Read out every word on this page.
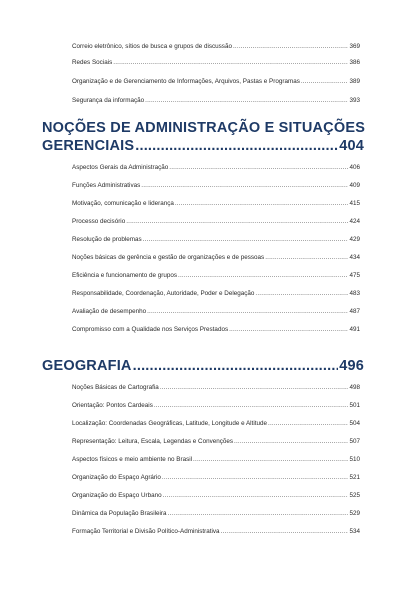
Correio eletrônico, sítios de busca e grupos de discussão .....	369
Redes Sociais .....	386
Organização e de Gerenciamento de Informações, Arquivos, Pastas e Programas .....	389
Segurança da informação .....	393
NOÇÕES DE ADMINISTRAÇÃO E SITUAÇÕES
GERENCIAIS .....	404
Aspectos Gerais da Administração .....	406
Funções Administrativas .....	409
Motivação, comunicação e liderança .....	415
Processo decisório .....	424
Resolução de problemas .....	429
Noções básicas de gerência e gestão de organizações e de pessoas .....	434
Eficiência e funcionamento de grupos .....	475
Responsabilidade, Coordenação, Autoridade, Poder e Delegação .....	483
Avaliação de desempenho .....	487
Compromisso com a Qualidade nos Serviços Prestados .....	491
GEOGRAFIA .....	496
Noções Básicas de Cartografia .....	498
Orientação: Pontos Cardeais .....	501
Localização: Coordenadas Geográficas, Latitude, Longitude e Altitude .....	504
Representação: Leitura, Escala, Legendas e Convenções .....	507
Aspectos físicos e meio ambiente no Brasil .....	510
Organização do Espaço Agrário .....	521
Organização do Espaço Urbano .....	525
Dinâmica da População Brasileira .....	529
Formação Territorial e Divisão Político-Administrativa .....	534
